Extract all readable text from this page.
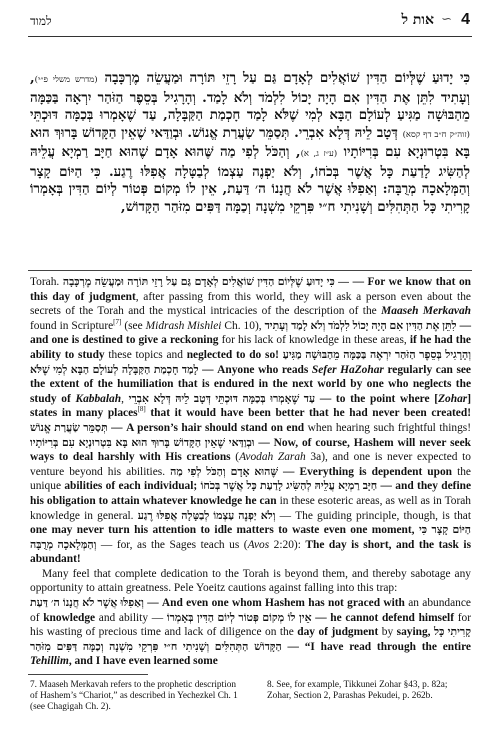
למוד	אות ל ∽ 4
כִּי יָדוּעַ שֶׁלְּיוֹם הַדִּין שׁוֹאֲלִים לְאָדָם גַּם עַל רָזֵי תּוֹרָה וּמַעֲשֵׂה מֶרְכָּבָה (מדרש משלי פ״י), וְעָתִיד לִתֵּן אֶת הַדִּין אִם הָיָה יָכוֹל לִלְמֹד וְלֹא לָמַד. וְהָרָגִיל בְּסֵפֶר הַזֹּהַר יִרְאָה בַּכַּמָּה מֵהַבּוּשָׁה מַגִּיעַ לְעוֹלָם הַבָּא לְמִי שֶׁלֹּא לָמַד חָכְמַת הַקַּבָּלָה, עַד שֶׁאָמְרוּ בְּכַמָּה דּוּכְתֵּי (זוה״ק ח״ב דף קסא) דְּטָב לֵיהּ דְּלָא אִבְרֵי. תְּסַמֵּר שַׂעֲרַת אֱנוֹשׁ. וּבְוַדַּאי שֶׁאֵין הַקָּדוֹשׁ בָּרוּךְ הוּא בָּא בִּטְרוּנְיָא עִם בְּרִיּוֹתָיו (ע״ז ג, א), וְהַכֹּל לְפִי מַה שֶּׁהוּא אָדָם שֶׁהוּא חַיָּב רַמְיָא עֲלֵיהּ לְהַשִּׂיג לָדַעַת כָּל אֲשֶׁר בְּכֹחוֹ, וְלֹא יַפְנֶה עַצְמוֹ לְבַטָּלָה אֲפִלּוּ רֶגַע. כִּי הַיּוֹם קָצָר וְהַמְּלָאכָה מְרֻבָּה: וְאַפִלּוּ אֲשֶׁר לֹא חֲנָנוֹ ה׳ דַּעַת, אֵין לוֹ מְקוֹם פְּטוֹר לְיוֹם הַדִּין בְּאָמְרוֹ קָרִיתִי כָּל הַתְּהִלִּים וְשָׁנִיתִי ח״י פִּרְקֵי מִשְׁנָה וְכַמָּה דַּפִּים מִזֹּהַר הַקָּדוֹשׁ,

Torah. — כִּי יָדוּעַ שֶׁלְּיוֹם הַדִּין שׁוֹאֲלִים לְאָדָם גַּם עַל רָזֵי תּוֹרָה וּמַעֲשֵׂה מֶרְכָּבָה — For we know that on this day of judgment, after passing from this world, they will ask a person even about the secrets of the Torah and the mystical intricacies of the description of the Maaseh Merkavah found in Scripture[7] (see Midrash Mishlei Ch. 10), וְעָתִיד לִתֵּן אֶת הַדִּין אִם הָיָה יָכוֹל לִלְמֹד וְלֹא לָמַד — and one is destined to give a reckoning for his lack of knowledge in these areas, if he had the ability to study these topics and neglected to do so! וְהָרָגִיל בְּסֵפֶר הַזֹּהַר יִרְאֶה בַּכַּמָּה מֵהַבּוּשָׁה מַגִּיעַ לְעוֹלָם הַבָּא לְמִי שֶׁלֹּא לָמַד חָכְמַת הַקַּבָּלָה — Anyone who reads Sefer HaZohar regularly can see the extent of the humiliation that is endured in the next world by one who neglects the study of Kabbalah, עַד שֶׁאָמְרוּ בְּכַמָּה דּוּכְתֵּי דְּטָב לֵיהּ דְּלָא אִבְרֵי — to the point where [Zohar] states in many places[8] that it would have been better that he had never been created! תְּסַמֵּר שַׂעֲרַת אֱנוֹשׁ — A person’s hair should stand on end when hearing such frightful things! וּבְוַדַּאי שֶׁאֵין הַקָּדוֹשׁ בָּרוּךְ הוּא בָּא בִּטְרוּנְיָא עִם בְּרִיּוֹתָיו — Now, of course, Hashem will never seek ways to deal harshly with His creations (Avodah Zarah 3a), and one is never expected to venture beyond his abilities. וְהַכֹּל לְפִי מַה שֶּׁהוּא אָדָם — Everything is dependent upon the unique abilities of each individual; חַיָּב רַמְיָא עֲלֵיהּ לְהַשִּׂיג לָדַעַת כָּל אֲשֶׁר בְּכֹחוֹ — and they define his obligation to attain whatever knowledge he can in these esoteric areas, as well as in Torah knowledge in general. וְלֹא יַפְנֶה עַצְמוֹ לְבַטָּלָה אֲפִלּוּ רֶגַע — The guiding principle, though, is that one may never turn his attention to idle matters to waste even one moment, כִּי הַיּוֹם קָצָר וְהַמְּלָאכָה מְרֻבָּה — for, as the Sages teach us (Avos 2:20): The day is short, and the task is abundant!

Many feel that complete dedication to the Torah is beyond them, and thereby sabotage any opportunity to attain greatness. Pele Yoeitz cautions against falling into this trap:

וְאַפִלּוּ אֲשֶׁר לֹא חֲנָנוֹ ה׳ דַּעַת — And even one whom Hashem has not graced with an abundance of knowledge and ability — אֵין לוֹ מְקוֹם פְּטוֹר לְיוֹם הַדִּין בְּאָמְרוֹ — he cannot defend himself for his wasting of precious time and lack of diligence on the day of judgment by saying, קָרִיתִי כָּל הַתְּהִלִּים וְשָׁנִיתִי ח״י פִּרְקֵי מִשְׁנָה וְכַמָּה דַּפִּים מִזֹּהַר הַקָּדוֹשׁ — “I have read through the entire Tehillim, and I have even learned some

7. Maaseh Merkavah refers to the prophetic description of Hashem’s “Chariot,” as described in Yechezkel Ch. 1 (see Chagigah Ch. 2).
8. See, for example, Tikkunei Zohar §43, p. 82a; Zohar, Section 2, Parashas Pekudei, p. 262b.
